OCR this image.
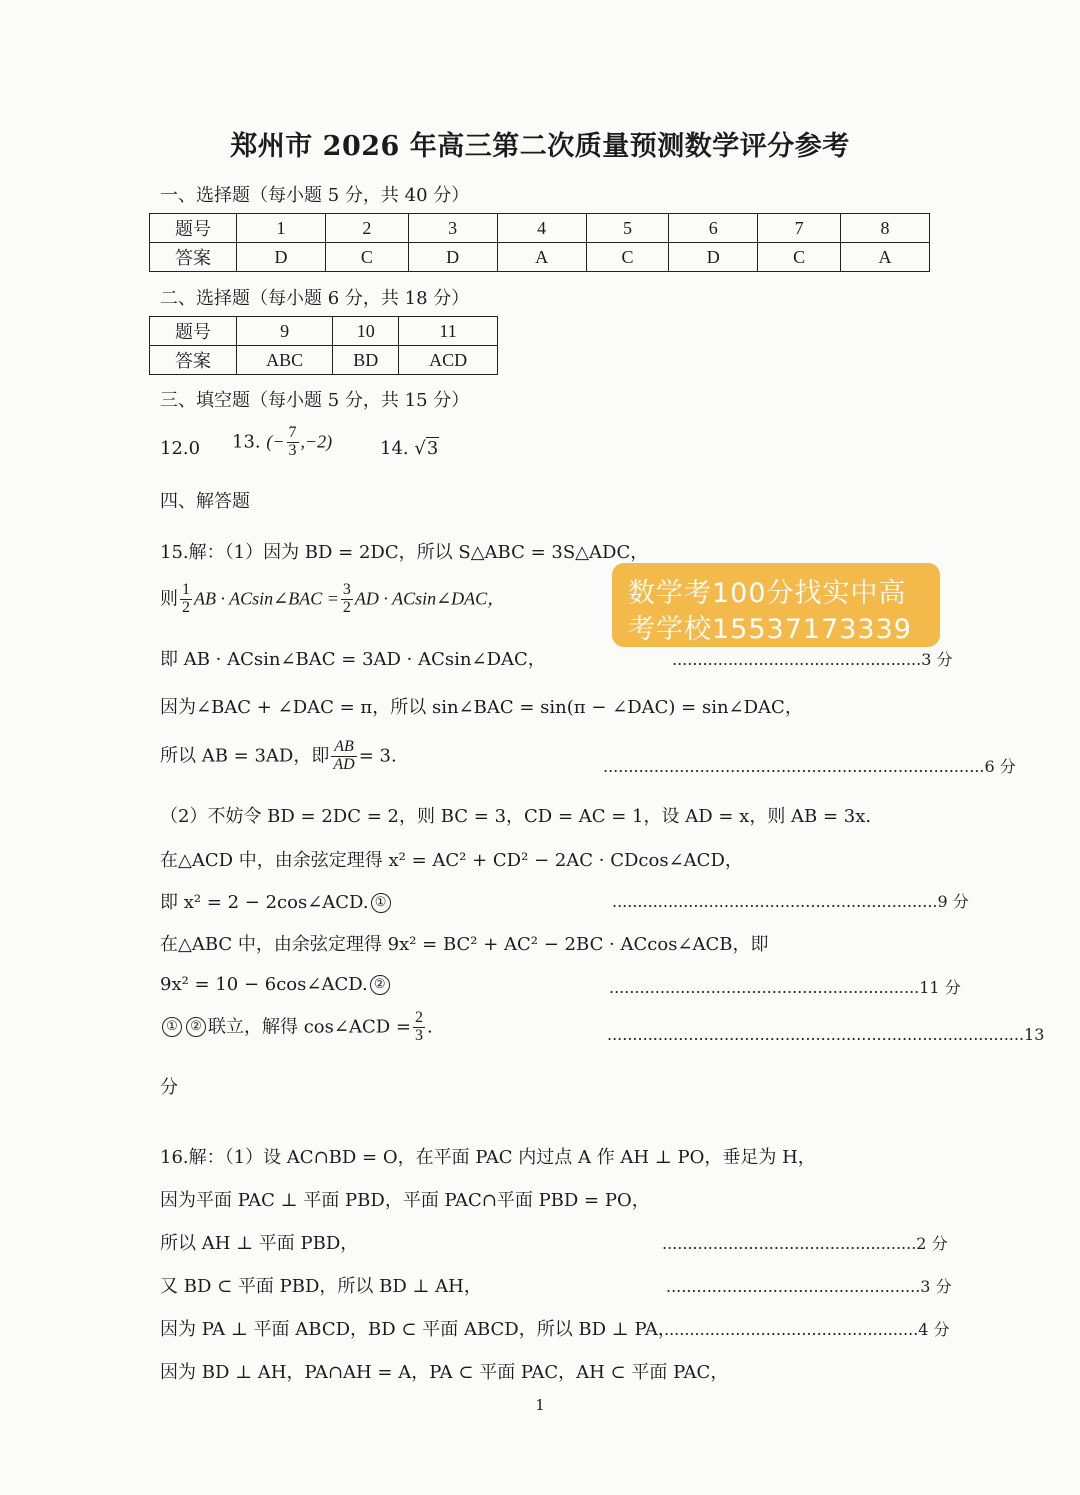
郑州市 2026 年高三第二次质量预测数学评分参考
一、选择题（每小题 5 分，共 40 分）
题号	1	2	3	4	5	6	7	8
答案	D	C	D	A	C	D	C	A
二、选择题（每小题 6 分，共 18 分）
题号	9	10	11
答案	ABC	BD	ACD
三、填空题（每小题 5 分，共 15 分）
12.0 13. (− $\frac{7}{3} ,-2$)	14. √3
四、解答题
15.解：（1）因为 BD = 2DC，所以 S△ABC = 3S△ADC，
则 $\frac{1}{2}$ AB · ACsin∠BAC = $\frac{3}{2}$ AD · ACsin∠DAC，
即 AB · ACsin∠BAC = 3AD · ACsin∠DAC，	.................................................3 分
因为∠BAC + ∠DAC = π，所以 sin∠BAC = sin(π − ∠DAC) = sin∠DAC，
所以 AB = 3AD，即 $\frac{AB}{AD} = 3$.
...........................................................................6 分
（2）不妨令 BD = 2DC = 2，则 BC = 3，CD = AC = 1，设 AD = x，则 AB = 3x.
在△ACD 中，由余弦定理得 x² = AC² + CD² − 2AC · CDcos∠ACD，
即 x² = 2 − 2cos∠ACD. ①	................................................................9 分
在△ABC 中，由余弦定理得 9x² = BC² + AC² − 2BC · ACcos∠ACB，即
9x² = 10 − 6cos∠ACD. ②	.............................................................11 分
① ② 联立，解得 cos∠ACD = $\frac{2}{3}$ .	..................................................................................13
分
16.解：（1）设 AC∩BD = O，在平面 PAC 内过点 A 作 AH ⊥ PO，垂足为 H，
因为平面 PAC ⊥ 平面 PBD，平面 PAC∩平面 PBD = PO，
所以 AH ⊥ 平面 PBD，	..................................................2 分
又 BD ⊂ 平面 PBD，所以 BD ⊥ AH，	..................................................3 分
因为 PA ⊥ 平面 ABCD，BD ⊂ 平面 ABCD，所以 BD ⊥ PA，
..................................................4 分
因为 BD ⊥ AH，PA∩AH = A，PA ⊂ 平面 PAC，AH ⊂ 平面 PAC，
数学考100分找实中高
考学校15537173339
1
